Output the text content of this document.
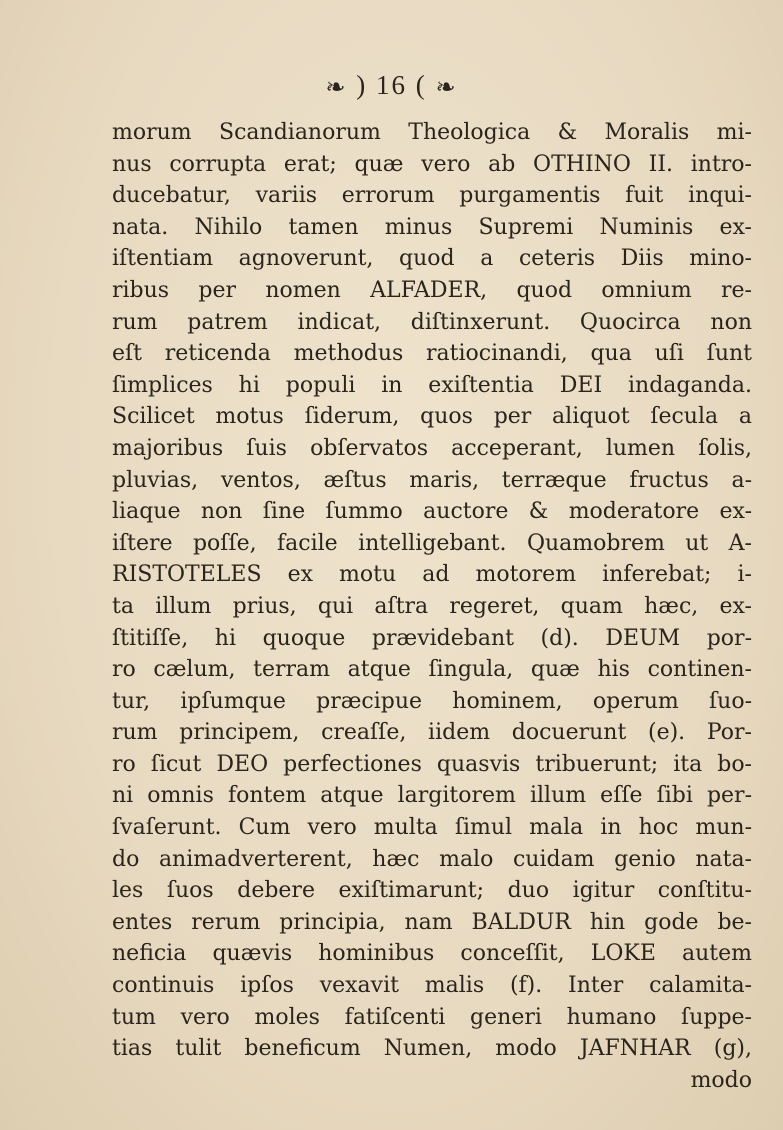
❧ ) 16 ( ❧
morum Scandianorum Theologica & Moralis mi-
nus corrupta erat; quæ vero ab OTHINO II. intro-
ducebatur, variis errorum purgamentis fuit inqui-
nata. Nihilo tamen minus Supremi Numinis ex-
iſtentiam agnoverunt, quod a ceteris Diis mino-
ribus per nomen ALFADER, quod omnium re-
rum patrem indicat, diſtinxerunt. Quocirca non
eſt reticenda methodus ratiocinandi, qua uſi ſunt
ſimplices hi populi in exiſtentia DEI indaganda.
Scilicet motus ſiderum, quos per aliquot ſecula a
majoribus ſuis obſervatos acceperant, lumen ſolis,
pluvias, ventos, æſtus maris, terræque fructus a-
liaque non ſine ſummo auctore & moderatore ex-
iſtere poſſe, facile intelligebant. Quamobrem ut A-
RISTOTELES ex motu ad motorem inferebat; i-
ta illum prius, qui aſtra regeret, quam hæc, ex-
ſtitiſſe, hi quoque prævidebant (d). DEUM por-
ro cælum, terram atque ſingula, quæ his continen-
tur, ipſumque præcipue hominem, operum ſuo-
rum principem, creaſſe, iidem docuerunt (e). Por-
ro ſicut DEO perfectiones quasvis tribuerunt; ita bo-
ni omnis fontem atque largitorem illum eſſe ſibi per-
ſvaſerunt. Cum vero multa ſimul mala in hoc mun-
do animadverterent, hæc malo cuidam genio nata-
les ſuos debere exiſtimarunt; duo igitur conſtitu-
entes rerum principia, nam BALDUR hin gode be-
neficia quævis hominibus conceſſit, LOKE autem
continuis ipſos vexavit malis (f). Inter calamita-
tum vero moles fatiſcenti generi humano ſuppe-
tias tulit beneficum Numen, modo JAFNHAR (g),
modo
